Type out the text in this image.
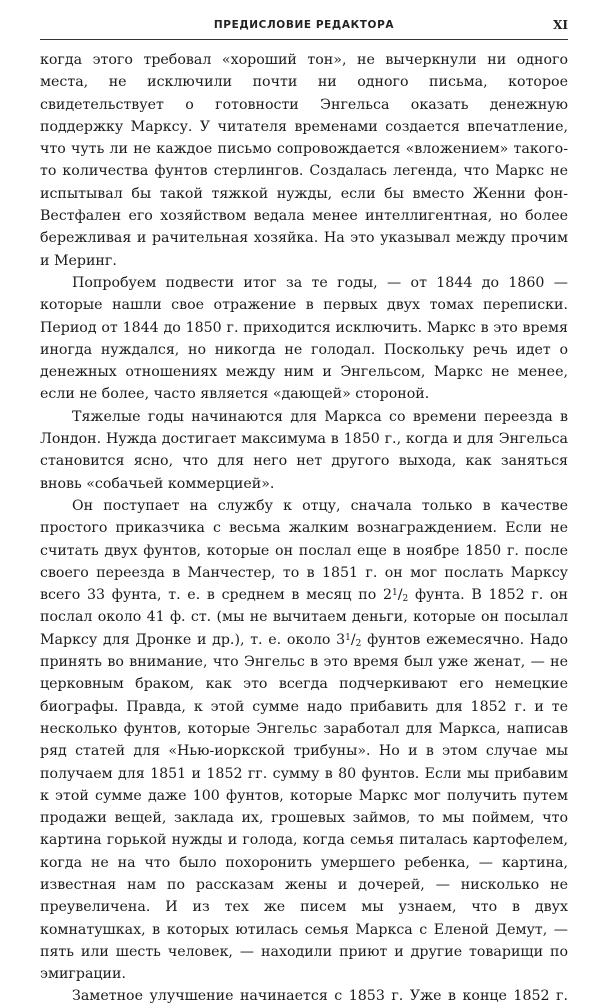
ПРЕДИСЛОВИЕ РЕДАКТОРА	XI

когда этого требовал «хороший тон», не вычеркнули ни одного места, не исключили почти ни одного письма, которое свидетельствует о готовности Энгельса оказать денежную поддержку Марксу. У читателя временами создается впечатление, что чуть ли не каждое письмо сопровождается «вложением» такого-то количества фунтов стерлингов. Создалась легенда, что Маркс не испытывал бы такой тяжкой нужды, если бы вместо Женни фон-Вестфален его хозяйством ведала менее интеллигентная, но более бережливая и рачительная хозяйка. На это указывал между прочим и Меринг.

Попробуем подвести итог за те годы, — от 1844 до 1860 — которые нашли свое отражение в первых двух томах переписки. Период от 1844 до 1850 г. приходится исключить. Маркс в это время иногда нуждался, но никогда не голодал. Поскольку речь идет о денежных отношениях между ним и Энгельсом, Маркс не менее, если не более, часто является «дающей» стороной.

Тяжелые годы начинаются для Маркса со времени переезда в Лондон. Нужда достигает максимума в 1850 г., когда и для Энгельса становится ясно, что для него нет другого выхода, как заняться вновь «собачьей коммерцией».

Он поступает на службу к отцу, сначала только в качестве простого приказчика с весьма жалким вознаграждением. Если не считать двух фунтов, которые он послал еще в ноябре 1850 г. после своего переезда в Манчестер, то в 1851 г. он мог послать Марксу всего 33 фунта, т. е. в среднем в месяц по $2^1/_2$ фунта. В 1852 г. он послал около 41 ф. ст. (мы не вычитаем деньги, которые он посылал Марксу для Дронке и др.), т. е. около $3^1/_2$ фунтов ежемесячно. Надо принять во внимание, что Энгельс в это время был уже женат, — не церковным браком, как это всегда подчеркивают его немецкие биографы. Правда, к этой сумме надо прибавить для 1852 г. и те несколько фунтов, которые Энгельс заработал для Маркса, написав ряд статей для «Нью-иоркской трибуны». Но и в этом случае мы получаем для 1851 и 1852 гг. сумму в 80 фунтов. Если мы прибавим к этой сумме даже 100 фунтов, которые Маркс мог получить путем продажи вещей, заклада их, грошевых займов, то мы поймем, что картина горькой нужды и голода, когда семья питалась картофелем, когда не на что было похоронить умершего ребенка, — картина, известная нам по рассказам жены и дочерей, — нисколько не преувеличена. И из тех же писем мы узнаем, что в двух комнатушках, в которых ютилась семья Маркса с Еленой Демут, — пять или шесть человек, — находили приют и другие товарищи по эмиграции.

Заметное улучшение начинается с 1853 г. Уже в конце 1852 г.
